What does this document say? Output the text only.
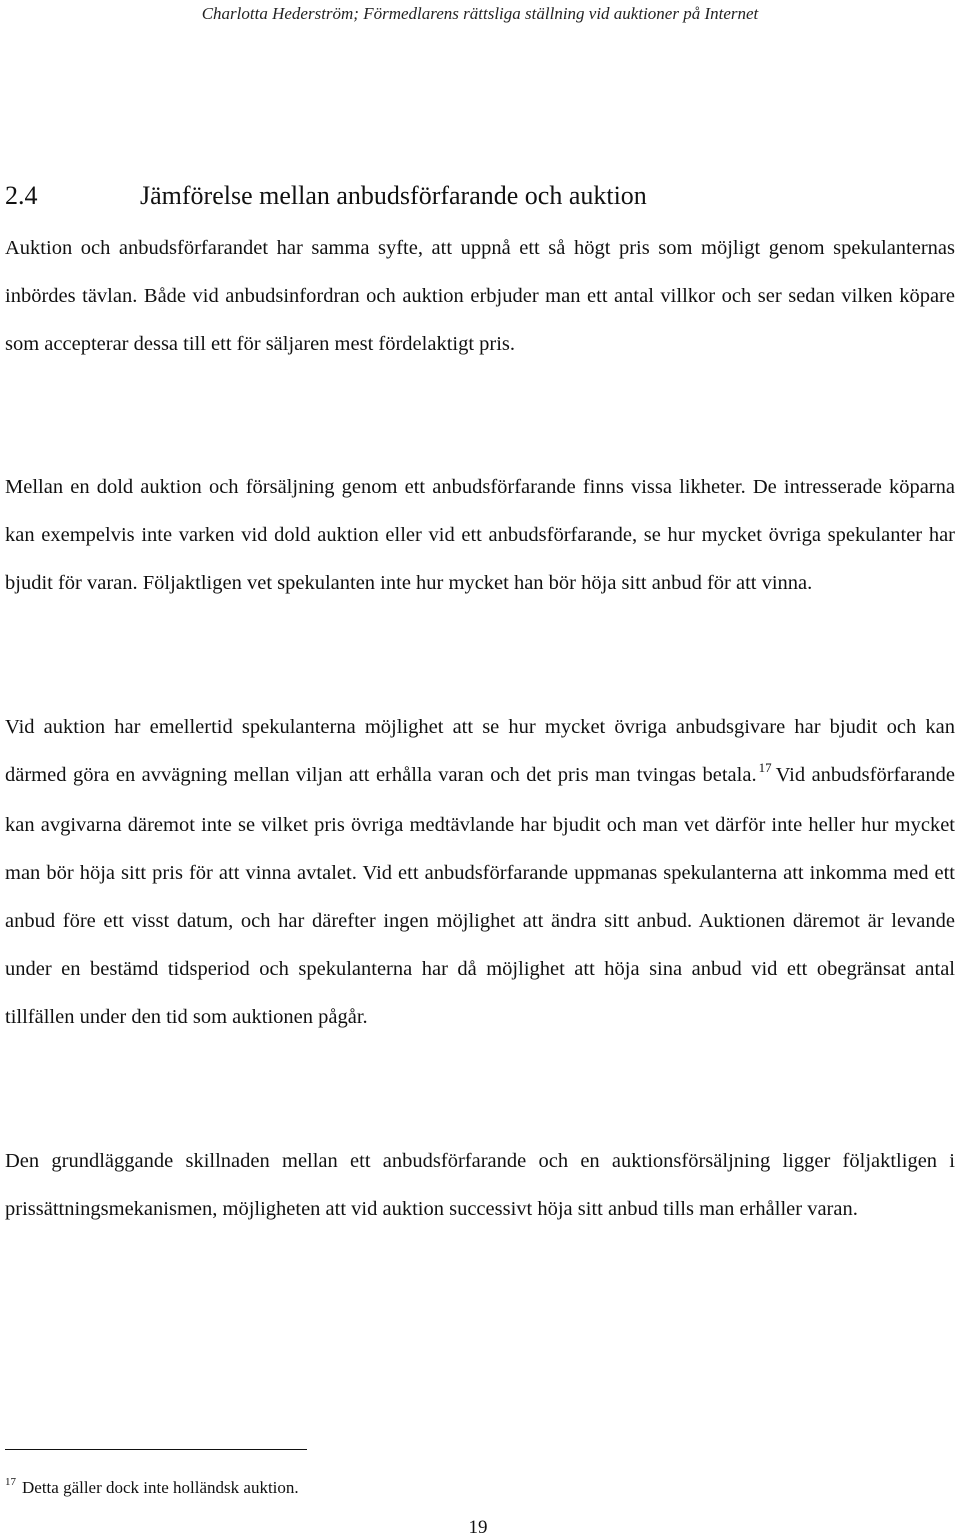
Charlotta Hederström; Förmedlarens rättsliga ställning vid auktioner på Internet
2.4	Jämförelse mellan anbudsförfarande och auktion

Auktion och anbudsförfarandet har samma syfte, att uppnå ett så högt pris som möjligt genom spekulanternas inbördes tävlan. Både vid anbudsinfordran och auktion erbjuder man ett antal villkor och ser sedan vilken köpare som accepterar dessa till ett för säljaren mest fördelaktigt pris.

Mellan en dold auktion och försäljning genom ett anbudsförfarande finns vissa likheter. De intresserade köparna kan exempelvis inte varken vid dold auktion eller vid ett anbudsförfarande, se hur mycket övriga spekulanter har bjudit för varan. Följaktligen vet spekulanten inte hur mycket han bör höja sitt anbud för att vinna.

Vid auktion har emellertid spekulanterna möjlighet att se hur mycket övriga anbudsgivare har bjudit och kan därmed göra en avvägning mellan viljan att erhålla varan och det pris man tvingas betala. $^{17}$ Vid anbudsförfarande kan avgivarna däremot inte se vilket pris övriga medtävlande har bjudit och man vet därför inte heller hur mycket man bör höja sitt pris för att vinna avtalet. Vid ett anbudsförfarande uppmanas spekulanterna att inkomma med ett anbud före ett visst datum, och har därefter ingen möjlighet att ändra sitt anbud. Auktionen däremot är levande under en bestämd tidsperiod och spekulanterna har då möjlighet att höja sina anbud vid ett obegränsat antal tillfällen under den tid som auktionen pågår.

Den grundläggande skillnaden mellan ett anbudsförfarande och en auktionsförsäljning ligger följaktligen i prissättningsmekanismen, möjligheten att vid auktion successivt höja sitt anbud tills man erhåller varan.

$^{17}$ Detta gäller dock inte holländsk auktion.
19
